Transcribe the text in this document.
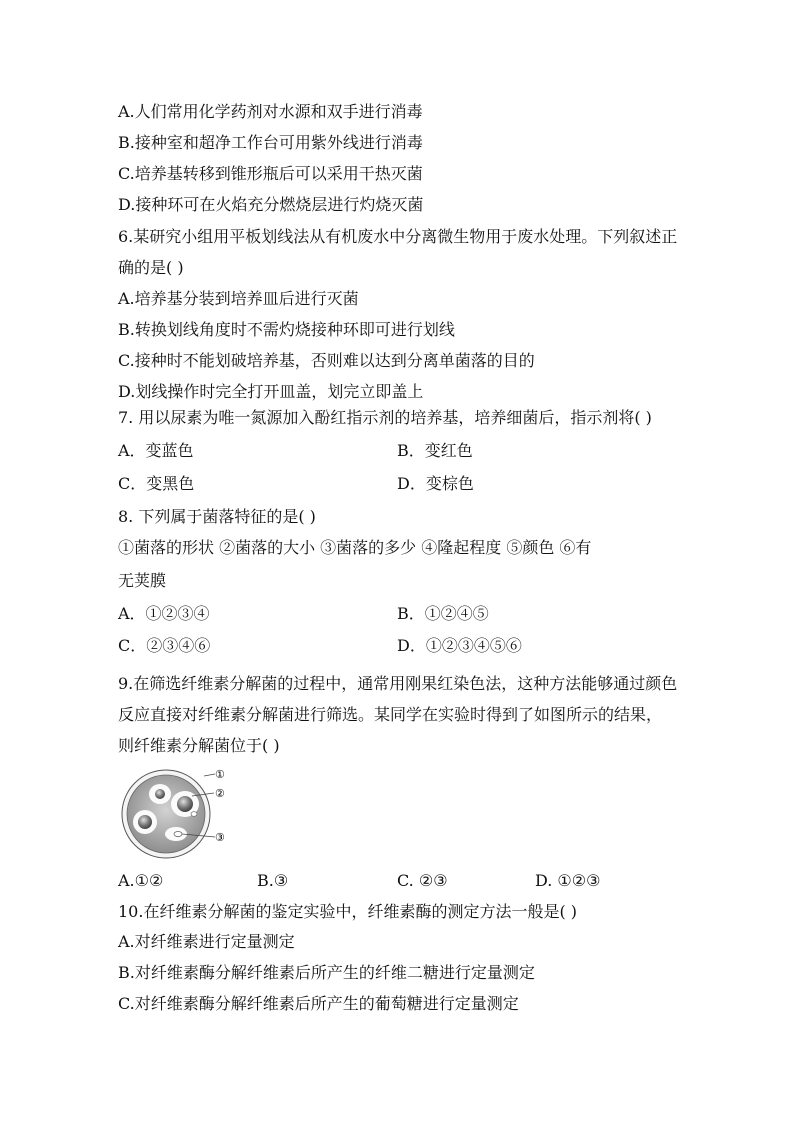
A.人们常用化学药剂对水源和双手进行消毒
B.接种室和超净工作台可用紫外线进行消毒
C.培养基转移到锥形瓶后可以采用干热灭菌
D.接种环可在火焰充分燃烧层进行灼烧灭菌
6.某研究小组用平板划线法从有机废水中分离微生物用于废水处理。下列叙述正
确的是( )
A.培养基分装到培养皿后进行灭菌
B.转换划线角度时不需灼烧接种环即可进行划线
C.接种时不能划破培养基，否则难以达到分离单菌落的目的
D.划线操作时完全打开皿盖，划完立即盖上
7. 用以尿素为唯一氮源加入酚红指示剂的培养基，培养细菌后，指示剂将( )
A．变蓝色	B．变红色
C．变黑色	D．变棕色
8. 下列属于菌落特征的是( )
①菌落的形状 ②菌落的大小 ③菌落的多少 ④隆起程度 ⑤颜色 ⑥有
无荚膜
A．①②③④	B．①②④⑤
C．②③④⑥	D．①②③④⑤⑥
9.在筛选纤维素分解菌的过程中，通常用刚果红染色法，这种方法能够通过颜色
反应直接对纤维素分解菌进行筛选。某同学在实验时得到了如图所示的结果，
则纤维素分解菌位于( )
①
②
③
A.①②	B.③	C. ②③	D. ①②③
10.在纤维素分解菌的鉴定实验中，纤维素酶的测定方法一般是( )
A.对纤维素进行定量测定
B.对纤维素酶分解纤维素后所产生的纤维二糖进行定量测定
C.对纤维素酶分解纤维素后所产生的葡萄糖进行定量测定
